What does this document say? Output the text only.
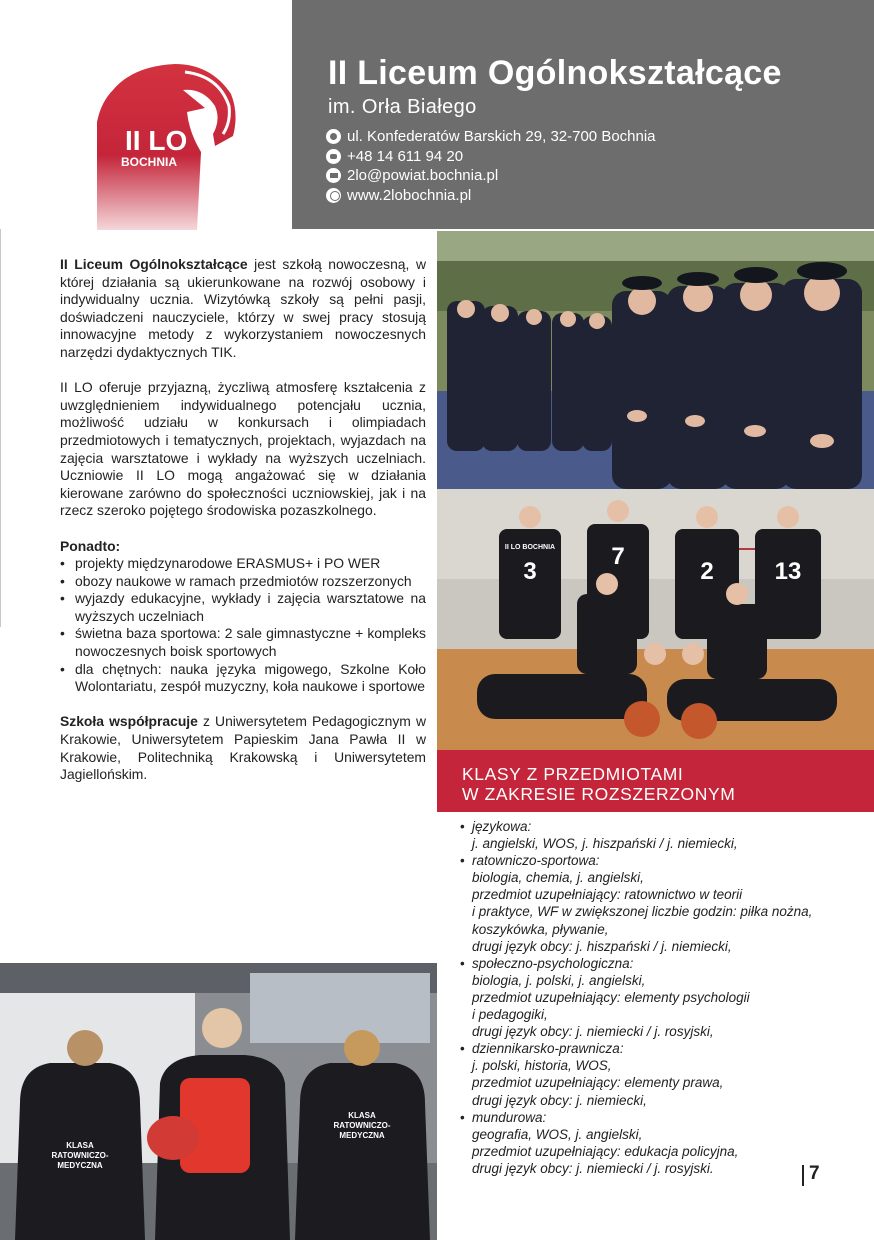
II Liceum Ogólnokształcące
im. Orła Białego
ul. Konfederatów Barskich 29, 32-700 Bochnia
+48 14 611 94 20
2lo@powiat.bochnia.pl
www.2lobochnia.pl
II LO
BOCHNIA

II Liceum Ogólnokształcące jest szkołą nowoczesną, w której działania są ukierunkowane na rozwój osobowy i indywidualny ucznia. Wizytówką szkoły są pełni pasji, doświadczeni nauczyciele, którzy w swej pracy stosują innowacyjne metody z wykorzystaniem nowoczesnych narzędzi dydaktycznych TIK.

II LO oferuje przyjazną, życzliwą atmosferę kształcenia z uwzględnieniem indywidualnego potencjału ucznia, możliwość udziału w konkursach i olimpiadach przedmiotowych i tematycznych, projektach, wyjazdach na zajęcia warsztatowe i wykłady na wyższych uczelniach. Uczniowie II LO mogą angażować się w działania kierowane zarówno do społeczności uczniowskiej, jak i na rzecz szeroko pojętego środowiska pozaszkolnego.

Ponadto:
• projekty międzynarodowe ERASMUS+ i PO WER
• obozy naukowe w ramach przedmiotów rozszerzonych
• wyjazdy edukacyjne, wykłady i zajęcia warsztatowe na wyższych uczelniach
• świetna baza sportowa: 2 sale gimnastyczne + kompleks nowoczesnych boisk sportowych
• dla chętnych: nauka języka migowego, Szkolne Koło Wolontariatu, zespół muzyczny, koła naukowe i sportowe

Szkoła współpracuje z Uniwersytetem Pedagogicznym w Krakowie, Uniwersytetem Papieskim Jana Pawła II w Krakowie, Politechniką Krakowską i Uniwersytetem Jagiellońskim.

II LO BOCHNIA
3
7
2	13
KLASY Z PRZEDMIOTAMI
W ZAKRESIE ROZSZERZONYM
• językowa:
j. angielski, WOS, j. hiszpański / j. niemiecki,
• ratowniczo-sportowa:
biologia, chemia, j. angielski,
przedmiot uzupełniający: ratownictwo w teorii
i praktyce, WF w zwiększonej liczbie godzin: piłka nożna,
koszykówka, pływanie,
drugi język obcy: j. hiszpański / j. niemiecki,
• społeczno-psychologiczna:
biologia, j. polski, j. angielski,
przedmiot uzupełniający: elementy psychologii
i pedagogiki,
drugi język obcy: j. niemiecki / j. rosyjski,
• dziennikarsko-prawnicza:
j. polski, historia, WOS,
przedmiot uzupełniający: elementy prawa,
drugi język obcy: j. niemiecki,
• mundurowa:
geografia, WOS, j. angielski,
przedmiot uzupełniający: edukacja policyjna,
drugi język obcy: j. niemiecki / j. rosyjski.
KLASA
RATOWNICZO-
MEDYCZNA
KLASA
RATOWNICZO-
MEDYCZNA
7
